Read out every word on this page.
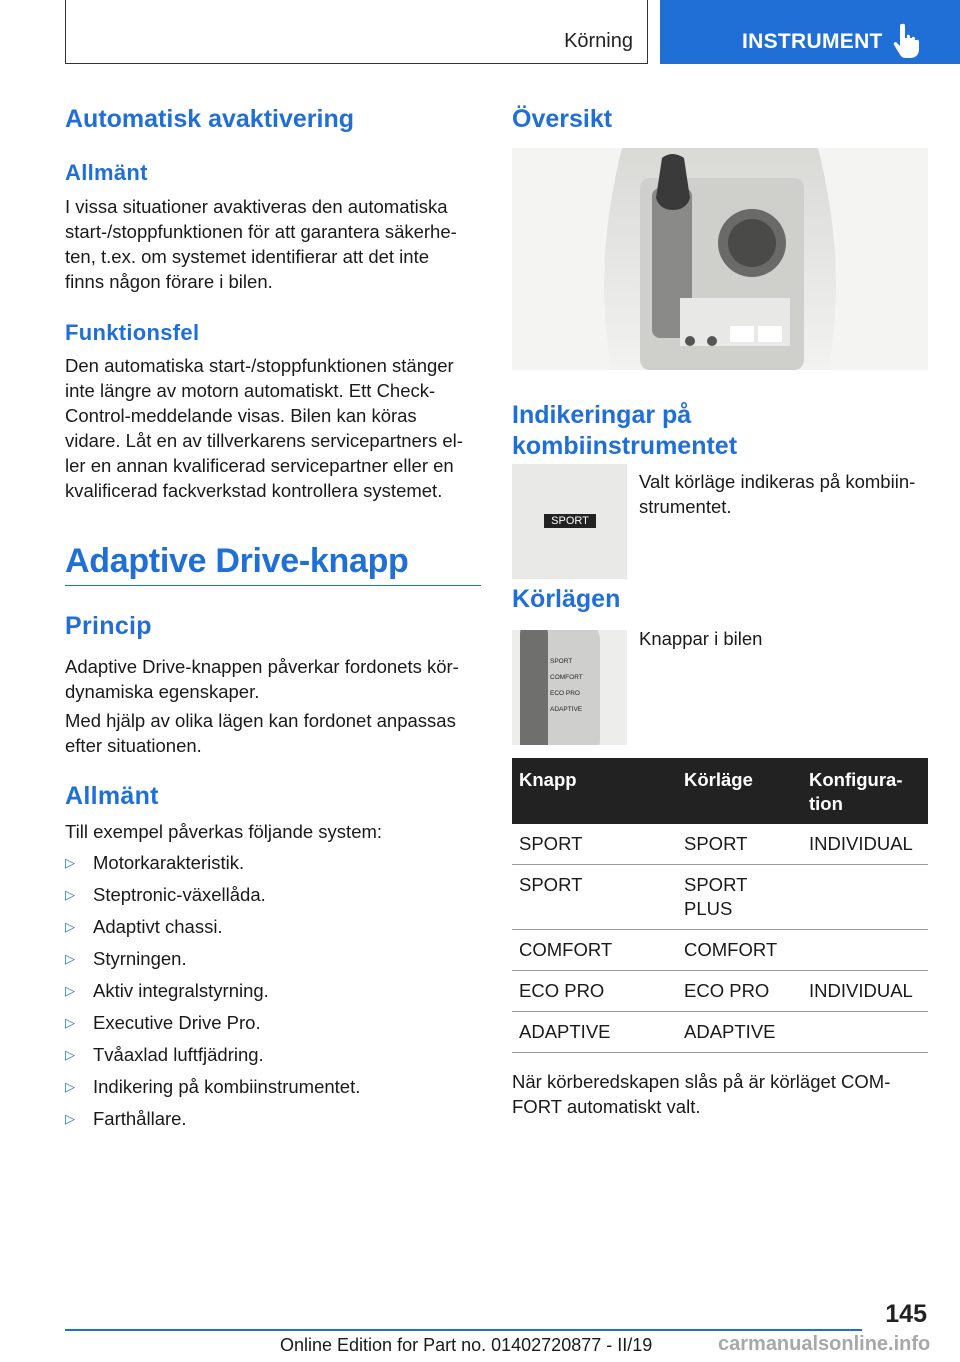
Körning	INSTRUMENT
Automatisk avaktivering
Allmänt
I vissa situationer avaktiveras den automatiska
start-/stoppfunktionen för att garantera säkerhe-
ten, t.ex. om systemet identifierar att det inte
finns någon förare i bilen.
Funktionsfel
Den automatiska start-/stoppfunktionen stänger
inte längre av motorn automatiskt. Ett Check-
Control-meddelande visas. Bilen kan köras
vidare. Låt en av tillverkarens servicepartners el-
ler en annan kvalificerad servicepartner eller en
kvalificerad fackverkstad kontrollera systemet.
Adaptive Drive-knapp
Princip
Adaptive Drive-knappen påverkar fordonets kör-
dynamiska egenskaper.
Med hjälp av olika lägen kan fordonet anpassas
efter situationen.
Allmänt
Till exempel påverkas följande system:
▷ Motorkarakteristik.
▷ Steptronic-växellåda.
▷ Adaptivt chassi.
▷ Styrningen.
▷ Aktiv integralstyrning.
▷ Executive Drive Pro.
▷ Tvåaxlad luftfjädring.
▷ Indikering på kombiinstrumentet.
▷ Farthållare.
Översikt
Indikeringar på
kombiinstrumentet
SPORT
Valt körläge indikeras på kombiin-
strumentet.
Körlägen
SPORT
COMFORT
ECO PRO
ADAPTIVE
Knappar i bilen
Knapp	Körläge	Konfigura-
tion
SPORT	SPORT	INDIVIDUAL
SPORT	SPORT
PLUS	
COMFORT	COMFORT	
ECO PRO	ECO PRO	INDIVIDUAL
ADAPTIVE	ADAPTIVE	
När körberedskapen slås på är körläget COM-
FORT automatiskt valt.
145
Online Edition for Part no. 01402720877 - II/19	carmanualsonline.info
